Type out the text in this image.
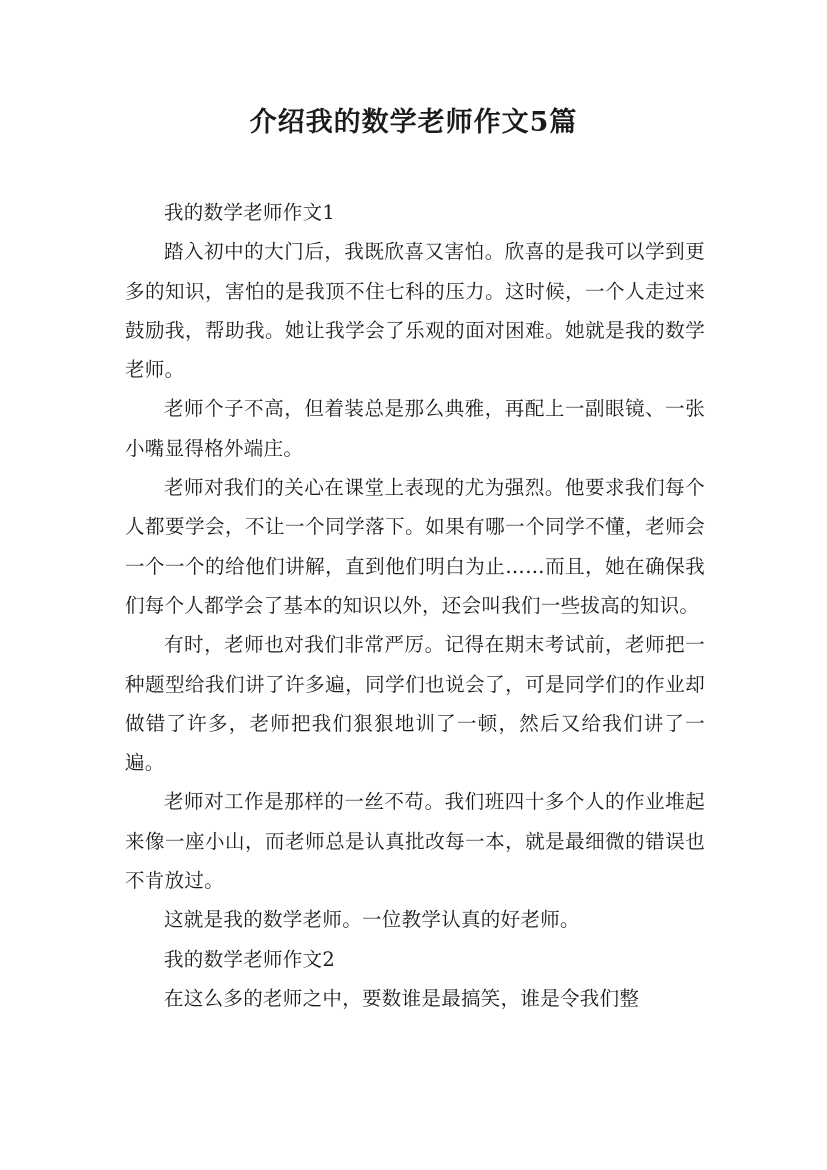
介绍我的数学老师作文5篇

我的数学老师作文1

踏入初中的大门后，我既欣喜又害怕。欣喜的是我可以学到更多的知识，害怕的是我顶不住七科的压力。这时候，一个人走过来鼓励我，帮助我。她让我学会了乐观的面对困难。她就是我的数学老师。

老师个子不高，但着装总是那么典雅，再配上一副眼镜、一张小嘴显得格外端庄。

老师对我们的关心在课堂上表现的尤为强烈。他要求我们每个人都要学会，不让一个同学落下。如果有哪一个同学不懂，老师会一个一个的给他们讲解，直到他们明白为止……而且，她在确保我们每个人都学会了基本的知识以外，还会叫我们一些拔高的知识。

有时，老师也对我们非常严厉。记得在期末考试前，老师把一种题型给我们讲了许多遍，同学们也说会了，可是同学们的作业却做错了许多，老师把我们狠狠地训了一顿，然后又给我们讲了一遍。

老师对工作是那样的一丝不苟。我们班四十多个人的作业堆起来像一座小山，而老师总是认真批改每一本，就是最细微的错误也不肯放过。

这就是我的数学老师。一位教学认真的好老师。

我的数学老师作文2

在这么多的老师之中，要数谁是最搞笑，谁是令我们整
